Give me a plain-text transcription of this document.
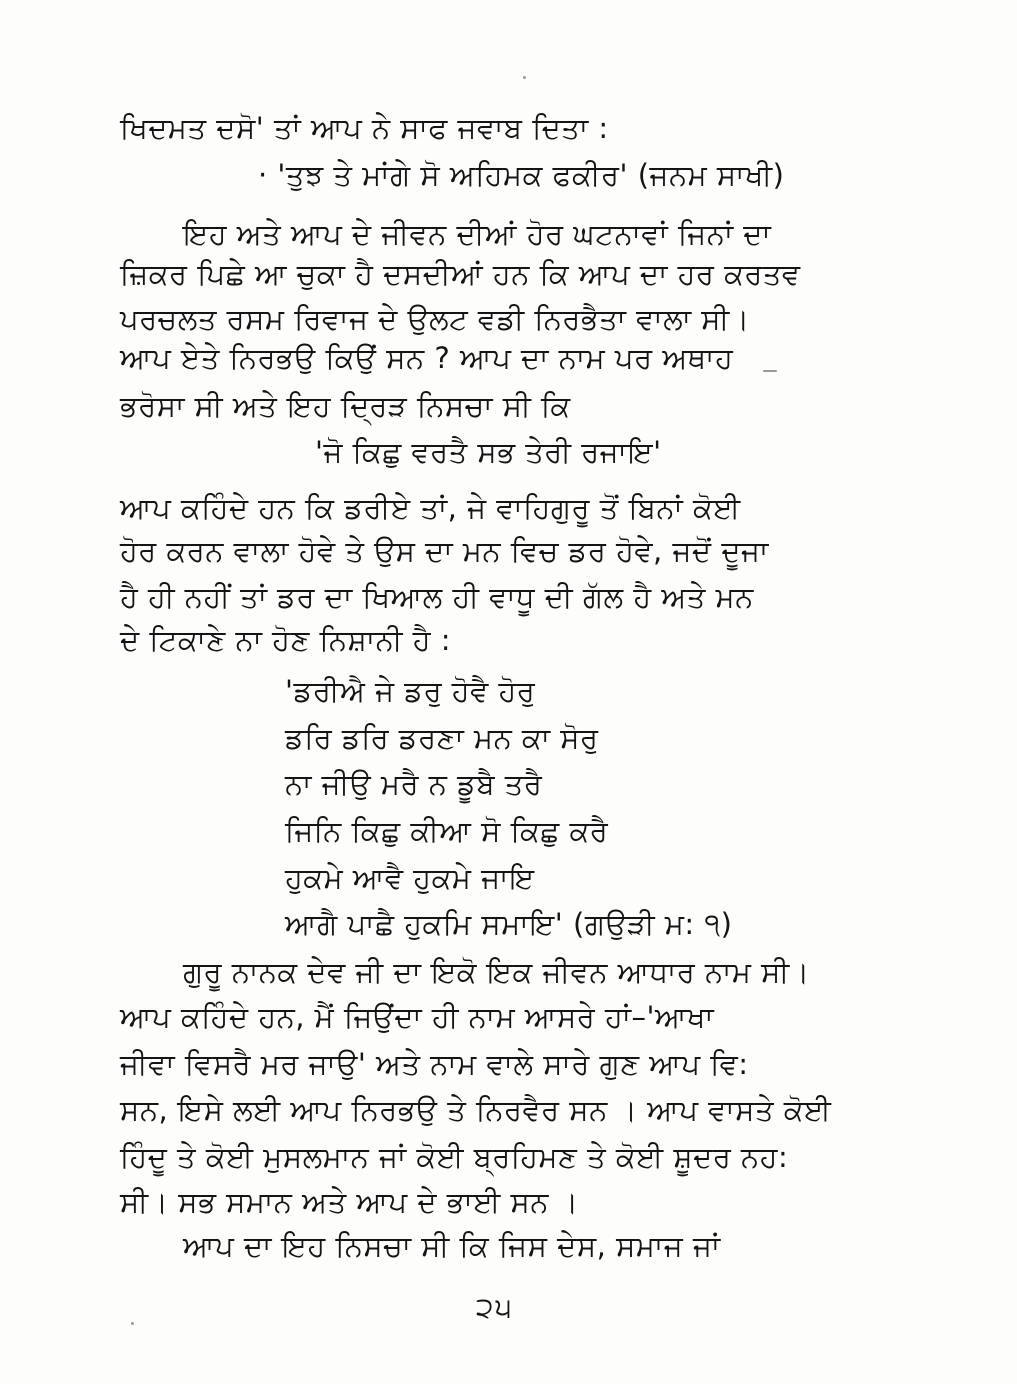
ਖਿਦਮਤ ਦਸੋ' ਤਾਂ ਆਪ ਨੇ ਸਾਫ ਜਵਾਬ ਦਿਤਾ :
· 'ਤੁਝ ਤੇ ਮਾਂਗੇ ਸੋ ਅਹਿਮਕ ਫਕੀਰ' (ਜਨਮ ਸਾਖੀ)
ਇਹ ਅਤੇ ਆਪ ਦੇ ਜੀਵਨ ਦੀਆਂ ਹੋਰ ਘਟਨਾਵਾਂ ਜਿਨਾਂ ਦਾ
ਜ਼ਿਕਰ ਪਿਛੇ ਆ ਚੁਕਾ ਹੈ ਦਸਦੀਆਂ ਹਨ ਕਿ ਆਪ ਦਾ ਹਰ ਕਰਤਵ
ਪਰਚਲਤ ਰਸਮ ਰਿਵਾਜ ਦੇ ਉਲਟ ਵਡੀ ਨਿਰਭੈਤਾ ਵਾਲਾ ਸੀ।
ਆਪ ਏਤੇ ਨਿਰਭਉ ਕਿਉਂ ਸਨ ? ਆਪ ਦਾ ਨਾਮ ਪਰ ਅਥਾਹ
ਭਰੋਸਾ ਸੀ ਅਤੇ ਇਹ ਦ੍ਰਿੜ ਨਿਸਚਾ ਸੀ ਕਿ
'ਜੋ ਕਿਛੁ ਵਰਤੈ ਸਭ ਤੇਰੀ ਰਜਾਇ'
ਆਪ ਕਹਿੰਦੇ ਹਨ ਕਿ ਡਰੀਏ ਤਾਂ, ਜੇ ਵਾਹਿਗੁਰੂ ਤੋਂ ਬਿਨਾਂ ਕੋਈ
ਹੋਰ ਕਰਨ ਵਾਲਾ ਹੋਵੇ ਤੇ ਉਸ ਦਾ ਮਨ ਵਿਚ ਡਰ ਹੋਵੇ, ਜਦੋਂ ਦੂਜਾ
ਹੈ ਹੀ ਨਹੀਂ ਤਾਂ ਡਰ ਦਾ ਖਿਆਲ ਹੀ ਵਾਧੂ ਦੀ ਗੱਲ ਹੈ ਅਤੇ ਮਨ
ਦੇ ਟਿਕਾਣੇ ਨਾ ਹੋਣ ਨਿਸ਼ਾਨੀ ਹੈ :
'ਡਰੀਐ ਜੇ ਡਰੁ ਹੋਵੈ ਹੋਰੁ
ਡਰਿ ਡਰਿ ਡਰਣਾ ਮਨ ਕਾ ਸੋਰੁ
ਨਾ ਜੀਉ ਮਰੈ ਨ ਡੂਬੈ ਤਰੈ
ਜਿਨਿ ਕਿਛੁ ਕੀਆ ਸੋ ਕਿਛੁ ਕਰੈ
ਹੁਕਮੇ ਆਵੈ ਹੁਕਮੇ ਜਾਇ
ਆਗੈ ਪਾਛੈ ਹੁਕਮਿ ਸਮਾਇ' (ਗਉੜੀ ਮ: ੧)
ਗੁਰੂ ਨਾਨਕ ਦੇਵ ਜੀ ਦਾ ਇਕੋ ਇਕ ਜੀਵਨ ਆਧਾਰ ਨਾਮ ਸੀ।
ਆਪ ਕਹਿੰਦੇ ਹਨ, ਮੈਂ ਜਿਉਂਦਾ ਹੀ ਨਾਮ ਆਸਰੇ ਹਾਂ–'ਆਖਾ
ਜੀਵਾ ਵਿਸਰੈ ਮਰ ਜਾਉ' ਅਤੇ ਨਾਮ ਵਾਲੇ ਸਾਰੇ ਗੁਣ ਆਪ ਵਿ:
ਸਨ, ਇਸੇ ਲਈ ਆਪ ਨਿਰਭਉ ਤੇ ਨਿਰਵੈਰ ਸਨ । ਆਪ ਵਾਸਤੇ ਕੋਈ
ਹਿੰਦੂ ਤੇ ਕੋਈ ਮੁਸਲਮਾਨ ਜਾਂ ਕੋਈ ਬ੍ਰਹਿਮਣ ਤੇ ਕੋਈ ਸ਼ੂਦਰ ਨਹ:
ਸੀ। ਸਭ ਸਮਾਨ ਅਤੇ ਆਪ ਦੇ ਭਾਈ ਸਨ ।
ਆਪ ਦਾ ਇਹ ਨਿਸਚਾ ਸੀ ਕਿ ਜਿਸ ਦੇਸ, ਸਮਾਜ ਜਾਂ
੨੫
